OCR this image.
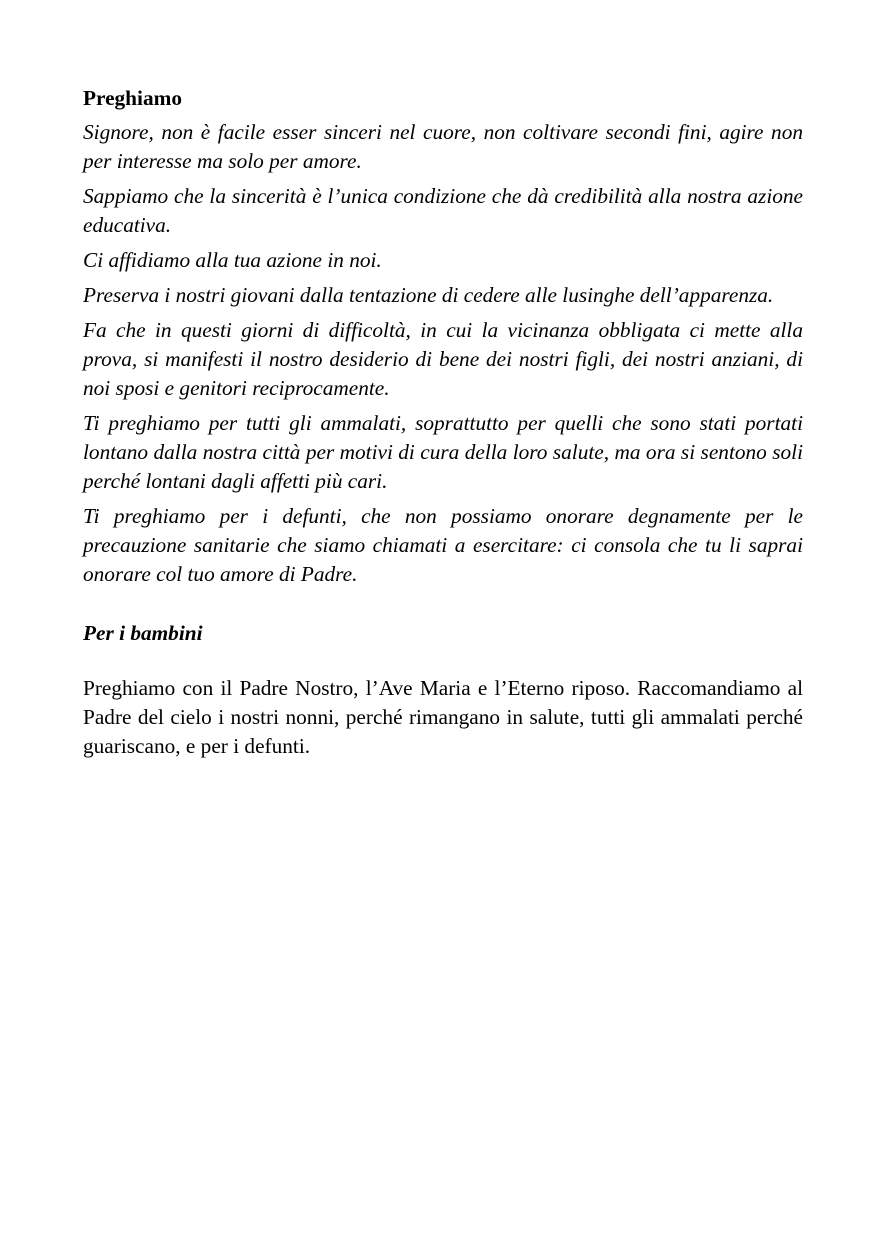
Preghiamo

Signore, non è facile esser sinceri nel cuore, non coltivare secondi fini, agire non per interesse ma solo per amore.

Sappiamo che la sincerità è l’unica condizione che dà credibilità alla nostra azione educativa.

Ci affidiamo alla tua azione in noi.

Preserva i nostri giovani dalla tentazione di cedere alle lusinghe dell’apparenza.

Fa che in questi giorni di difficoltà, in cui la vicinanza obbligata ci mette alla prova, si manifesti il nostro desiderio di bene dei nostri figli, dei nostri anziani, di noi sposi e genitori reciprocamente.

Ti preghiamo per tutti gli ammalati, soprattutto per quelli che sono stati portati lontano dalla nostra città per motivi di cura della loro salute, ma ora si sentono soli perché lontani dagli affetti più cari.

Ti preghiamo per i defunti, che non possiamo onorare degnamente per le precauzione sanitarie che siamo chiamati a esercitare: ci consola che tu li saprai onorare col tuo amore di Padre.

Per i bambini

Preghiamo con il Padre Nostro, l’Ave Maria e l’Eterno riposo. Raccomandiamo al Padre del cielo i nostri nonni, perché rimangano in salute, tutti gli ammalati perché guariscano, e per i defunti.
